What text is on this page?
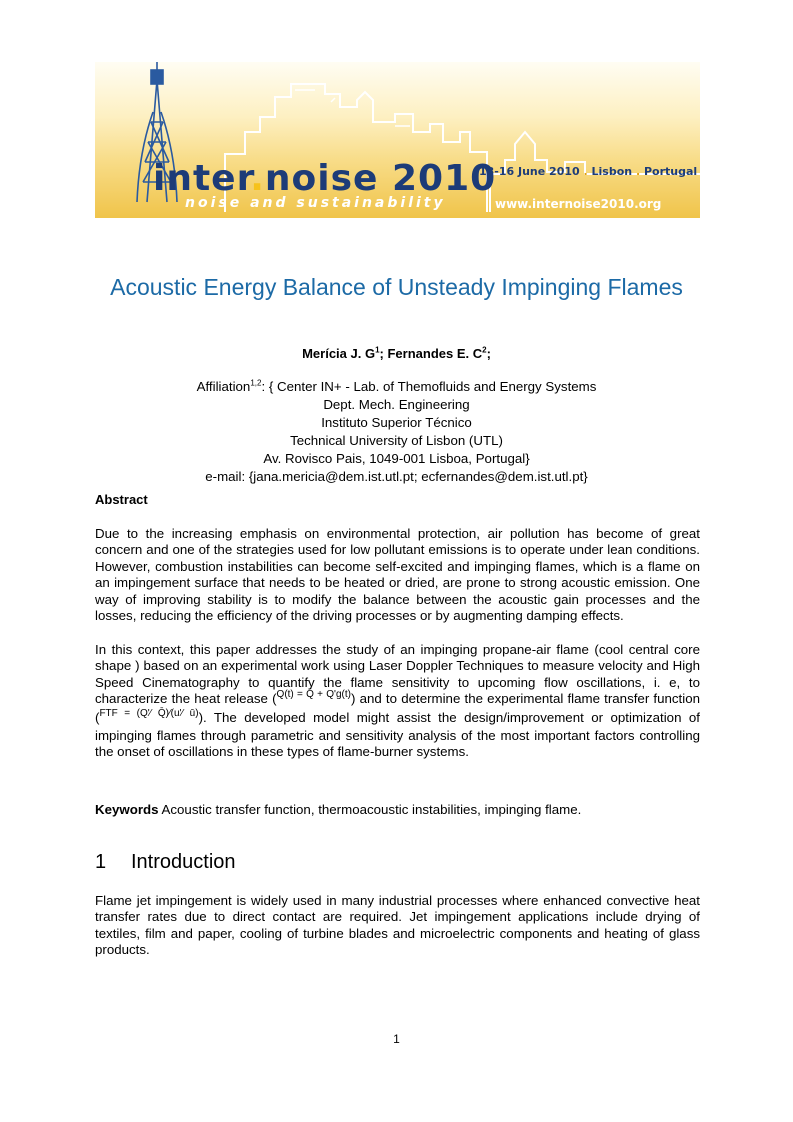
inter.noise 2010
noise and sustainability
13-16 June 2010 . Lisbon . Portugal
www.internoise2010.org
Acoustic Energy Balance of Unsteady Impinging Flames
Merícia J. $G^1$; Fernandes E. $C^2$;
Affiliation$^{1,2}$: { Center IN+ - Lab. of Themofluids and Energy Systems
Dept. Mech. Engineering
Instituto Superior Técnico
Technical University of Lisbon (UTL)
Av. Rovisco Pais, 1049-001 Lisboa, Portugal}
e-mail: {jana.mericia@dem.ist.utl.pt; ecfernandes@dem.ist.utl.pt}
Abstract
Due to the increasing emphasis on environmental protection, air pollution has become of great concern and one of the strategies used for low pollutant emissions is to operate under lean conditions. However, combustion instabilities can become self-excited and impinging flames, which is a flame on an impingement surface that needs to be heated or dried, are prone to strong acoustic emission. One way of improving stability is to modify the balance between the acoustic gain processes and the losses, reducing the efficiency of the driving processes or by augmenting damping effects.
In this context, this paper addresses the study of an impinging propane-air flame (cool central core shape ) based on an experimental work using Laser Doppler Techniques to measure velocity and High Speed Cinematography to quantify the flame sensitivity to upcoming flow oscillations, i. e, to characterize the heat release ($^{Q(t) = Q̄ + Q'g(t)}$) and to determine the experimental flame transfer function ($^{FTF = (Q'⁄ Q̄)⁄(u'⁄ ū)}$). The developed model might assist the design/improvement or optimization of impinging flames through parametric and sensitivity analysis of the most important factors controlling the onset of oscillations in these types of flame-burner systems.
Keywords Acoustic transfer function, thermoacoustic instabilities, impinging flame.
1 Introduction
Flame jet impingement is widely used in many industrial processes where enhanced convective heat transfer rates due to direct contact are required. Jet impingement applications include drying of textiles, film and paper, cooling of turbine blades and microelectric components and heating of glass products.
1
